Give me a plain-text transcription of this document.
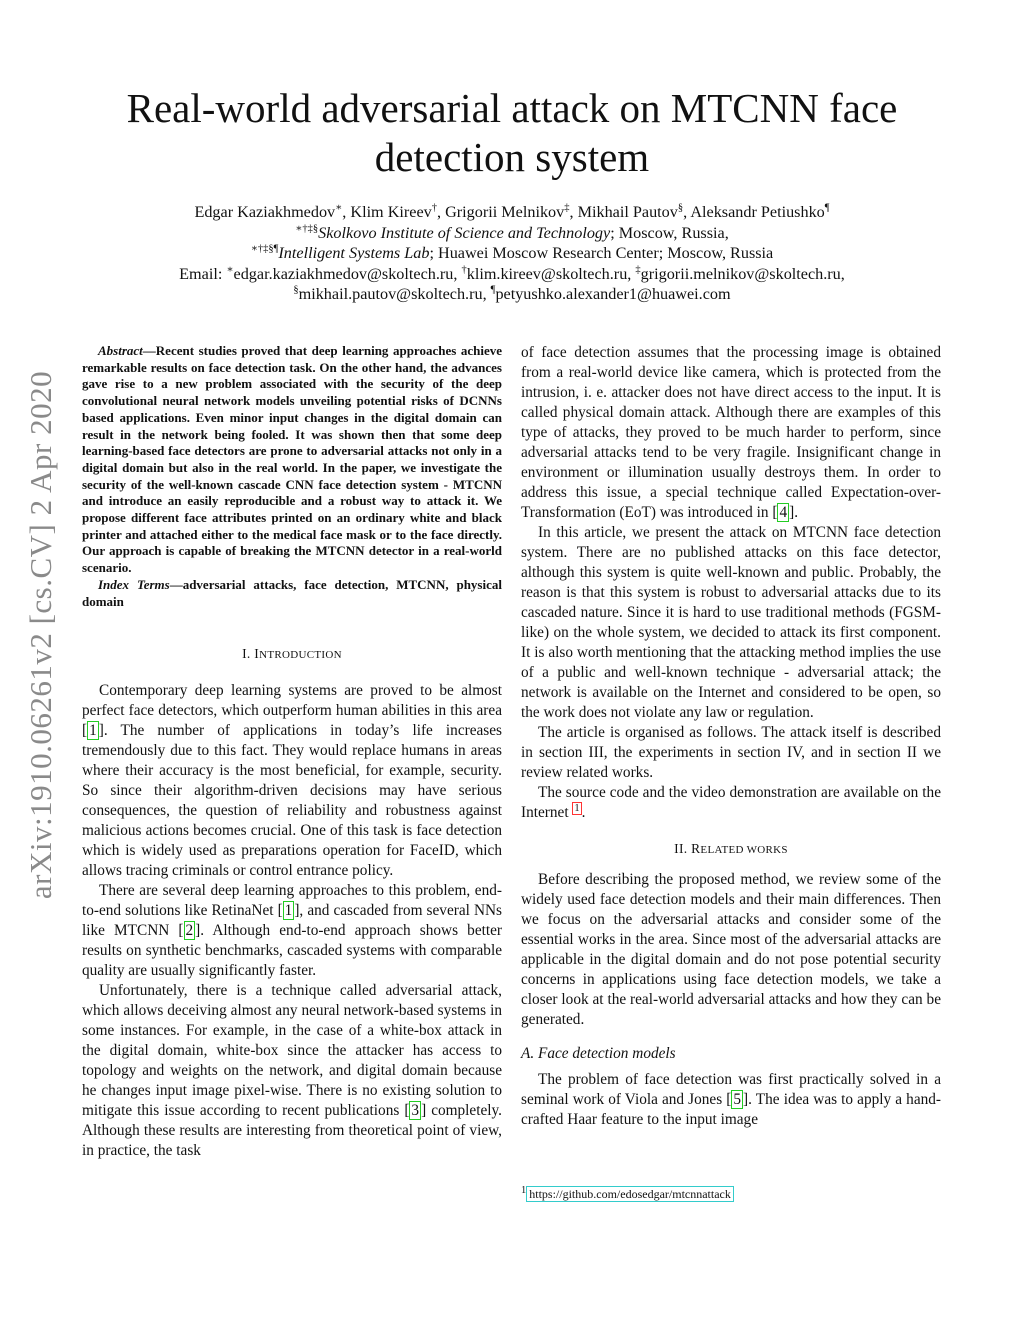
arXiv:1910.06261v2 [cs.CV] 2 Apr 2020
Real-world adversarial attack on MTCNN face
detection system
Edgar Kaziakhmedov∗, Klim Kireev†, Grigorii Melnikov‡, Mikhail Pautov§, Aleksandr Petiushko¶
∗†‡§Skolkovo Institute of Science and Technology; Moscow, Russia,
∗†‡§¶Intelligent Systems Lab; Huawei Moscow Research Center; Moscow, Russia
Email: ∗edgar.kaziakhmedov@skoltech.ru, †klim.kireev@skoltech.ru, ‡grigorii.melnikov@skoltech.ru,
§mikhail.pautov@skoltech.ru, ¶petyushko.alexander1@huawei.com
Abstract—Recent studies proved that deep learning approaches achieve remarkable results on face detection task. On the other hand, the advances gave rise to a new problem associated with the security of the deep convolutional neural network models unveiling potential risks of DCNNs based applications. Even minor input changes in the digital domain can result in the network being fooled. It was shown then that some deep learning-based face detectors are prone to adversarial attacks not only in a digital domain but also in the real world. In the paper, we investigate the security of the well-known cascade CNN face detection system - MTCNN and introduce an easily reproducible and a robust way to attack it. We propose different face attributes printed on an ordinary white and black printer and attached either to the medical face mask or to the face directly. Our approach is capable of breaking the MTCNN detector in a real-world scenario.
Index Terms—adversarial attacks, face detection, MTCNN, physical domain
I. INTRODUCTION

Contemporary deep learning systems are proved to be almost perfect face detectors, which outperform human abilities in this area [ 1 ]. The number of applications in today’s life increases tremendously due to this fact. They would replace humans in areas where their accuracy is the most beneficial, for example, security. So since their algorithm-driven decisions may have serious consequences, the question of reliability and robustness against malicious actions becomes crucial. One of this task is face detection which is widely used as preparations operation for FaceID, which allows tracing criminals or control entrance policy.

There are several deep learning approaches to this problem, end-to-end solutions like RetinaNet [ 1 ], and cascaded from several NNs like MTCNN [ 2 ]. Although end-to-end approach shows better results on synthetic benchmarks, cascaded systems with comparable quality are usually significantly faster.

Unfortunately, there is a technique called adversarial attack, which allows deceiving almost any neural network-based systems in some instances. For example, in the case of a white-box attack in the digital domain, white-box since the attacker has access to topology and weights on the network, and digital domain because he changes input image pixel-wise. There is no existing solution to mitigate this issue according to recent publications [ 3 ] completely. Although these results are interesting from theoretical point of view, in practice, the task

of face detection assumes that the processing image is obtained from a real-world device like camera, which is protected from the intrusion, i. e. attacker does not have direct access to the input. It is called physical domain attack. Although there are examples of this type of attacks, they proved to be much harder to perform, since adversarial attacks tend to be very fragile. Insignificant change in environment or illumination usually destroys them. In order to address this issue, a special technique called Expectation-over-Transformation (EoT) was introduced in [ 4 ].

In this article, we present the attack on MTCNN face detection system. There are no published attacks on this face detector, although this system is quite well-known and public. Probably, the reason is that this system is robust to adversarial attacks due to its cascaded nature. Since it is hard to use traditional methods (FGSM-like) on the whole system, we decided to attack its first component. It is also worth mentioning that the attacking method implies the use of a public and well-known technique - adversarial attack; the network is available on the Internet and considered to be open, so the work does not violate any law or regulation.

The article is organised as follows. The attack itself is described in section III, the experiments in section IV, and in section II we review related works.

The source code and the video demonstration are available on the Internet $^1$ .

II. RELATED WORKS

Before describing the proposed method, we review some of the widely used face detection models and their main differences. Then we focus on the adversarial attacks and consider some of the essential works in the area. Since most of the adversarial attacks are applicable in the digital domain and do not pose potential security concerns in applications using face detection models, we take a closer look at the real-world adversarial attacks and how they can be generated.

A. Face detection models

The problem of face detection was first practically solved in a seminal work of Viola and Jones [ 5 ]. The idea was to apply a hand-crafted Haar feature to the input image

$^1$ https://github.com/edosedgar/mtcnnattack
